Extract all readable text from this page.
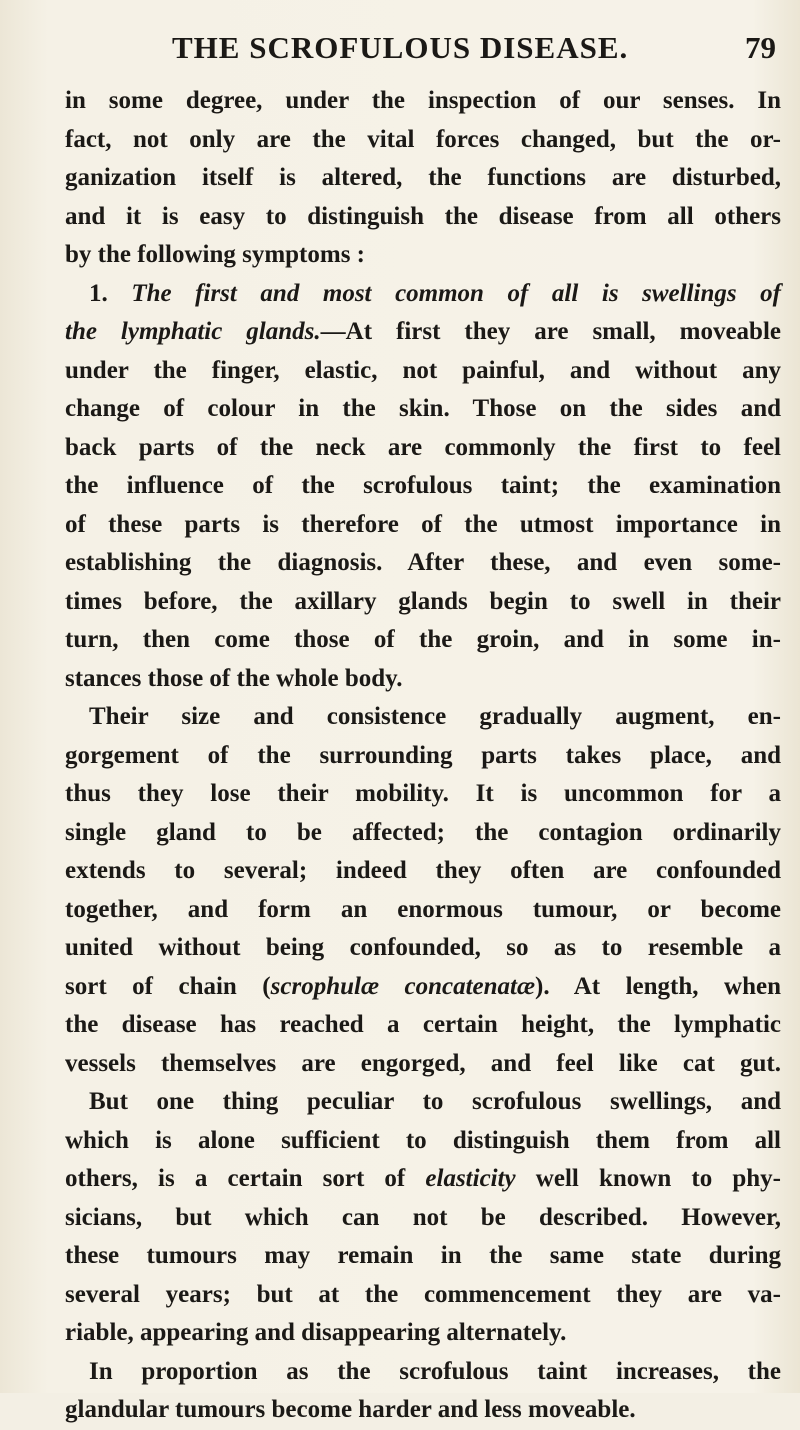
THE SCROFULOUS DISEASE.	79
in some degree, under the inspection of our senses. In
fact, not only are the vital forces changed, but the or-
ganization itself is altered, the functions are disturbed,
and it is easy to distinguish the disease from all others
by the following symptoms :
1. The first and most common of all is swellings of
the lymphatic glands.—At first they are small, moveable
under the finger, elastic, not painful, and without any
change of colour in the skin. Those on the sides and
back parts of the neck are commonly the first to feel
the influence of the scrofulous taint; the examination
of these parts is therefore of the utmost importance in
establishing the diagnosis. After these, and even some-
times before, the axillary glands begin to swell in their
turn, then come those of the groin, and in some in-
stances those of the whole body.
Their size and consistence gradually augment, en-
gorgement of the surrounding parts takes place, and
thus they lose their mobility. It is uncommon for a
single gland to be affected; the contagion ordinarily
extends to several; indeed they often are confounded
together, and form an enormous tumour, or become
united without being confounded, so as to resemble a
sort of chain (scrophulæ concatenatæ). At length, when
the disease has reached a certain height, the lymphatic
vessels themselves are engorged, and feel like cat gut.
But one thing peculiar to scrofulous swellings, and
which is alone sufficient to distinguish them from all
others, is a certain sort of elasticity well known to phy-
sicians, but which can not be described. However,
these tumours may remain in the same state during
several years; but at the commencement they are va-
riable, appearing and disappearing alternately.
In proportion as the scrofulous taint increases, the
glandular tumours become harder and less moveable.
